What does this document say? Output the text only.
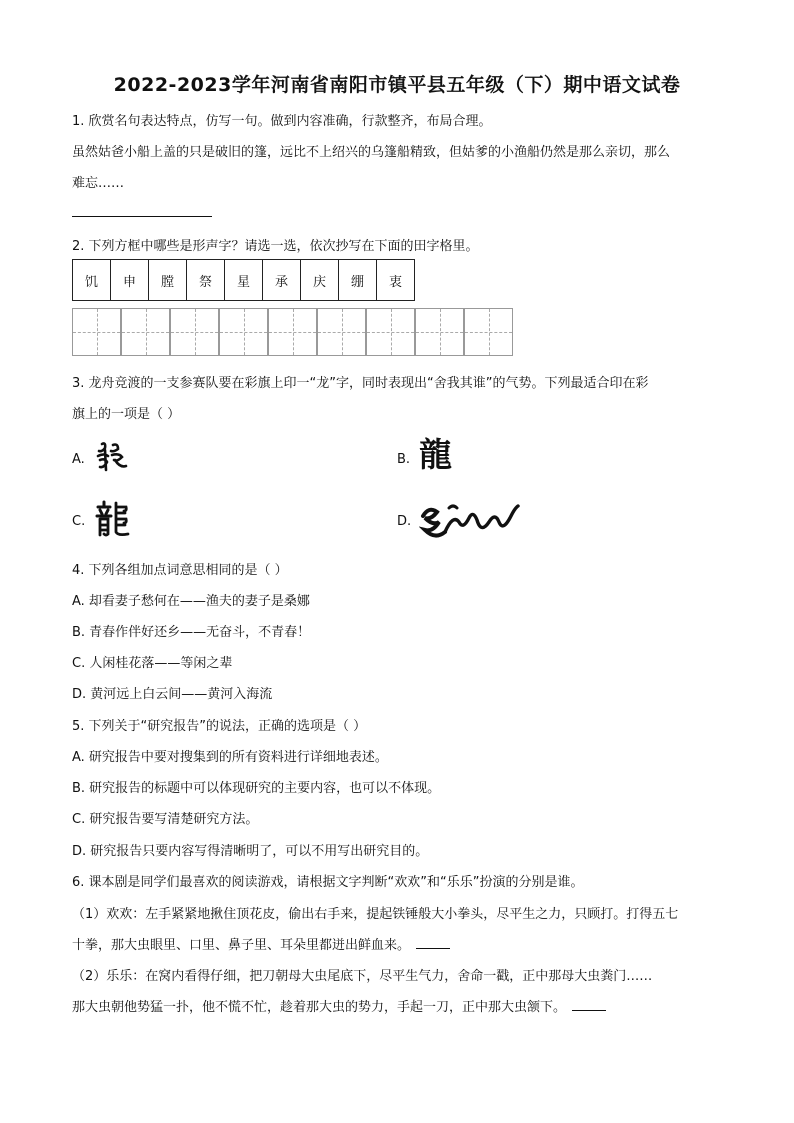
2022-2023学年河南省南阳市镇平县五年级（下）期中语文试卷
1. 欣赏名句表达特点，仿写一句。做到内容准确，行款整齐，布局合理。
虽然姑爸小船上盖的只是破旧的篷，远比不上绍兴的乌篷船精致，但姑爹的小渔船仍然是那么亲切，那么
难忘……
2. 下列方框中哪些是形声字？请选一选，依次抄写在下面的田字格里。
饥	申	膛	祭	星	承	庆	绷	衷
3. 龙舟竞渡的一支参赛队要在彩旗上印一“龙”字，同时表现出“舍我其谁”的气势。下列最适合印在彩
旗上的一项是（ ）
A.	B. 龍
C.	D.
4. 下列各组加点词意思相同的是（ ）
A. 却看妻子愁何在——渔夫的妻子是桑娜
B. 青春作伴好还乡——无奋斗，不青春！
C. 人闲桂花落——等闲之辈
D. 黄河远上白云间——黄河入海流
5. 下列关于“研究报告”的说法，正确的选项是（ ）
A. 研究报告中要对搜集到的所有资料进行详细地表述。
B. 研究报告的标题中可以体现研究的主要内容，也可以不体现。
C. 研究报告要写清楚研究方法。
D. 研究报告只要内容写得清晰明了，可以不用写出研究目的。
6. 课本剧是同学们最喜欢的阅读游戏，请根据文字判断“欢欢”和“乐乐”扮演的分别是谁。
（1）欢欢：左手紧紧地揪住顶花皮，偷出右手来，提起铁锤般大小拳头，尽平生之力，只顾打。打得五七
十拳，那大虫眼里、口里、鼻子里、耳朵里都迸出鲜血来。
（2）乐乐：在窝内看得仔细，把刀朝母大虫尾底下，尽平生气力，舍命一戳，正中那母大虫粪门……
那大虫朝他势猛一扑，他不慌不忙，趁着那大虫的势力，手起一刀，正中那大虫颔下。
